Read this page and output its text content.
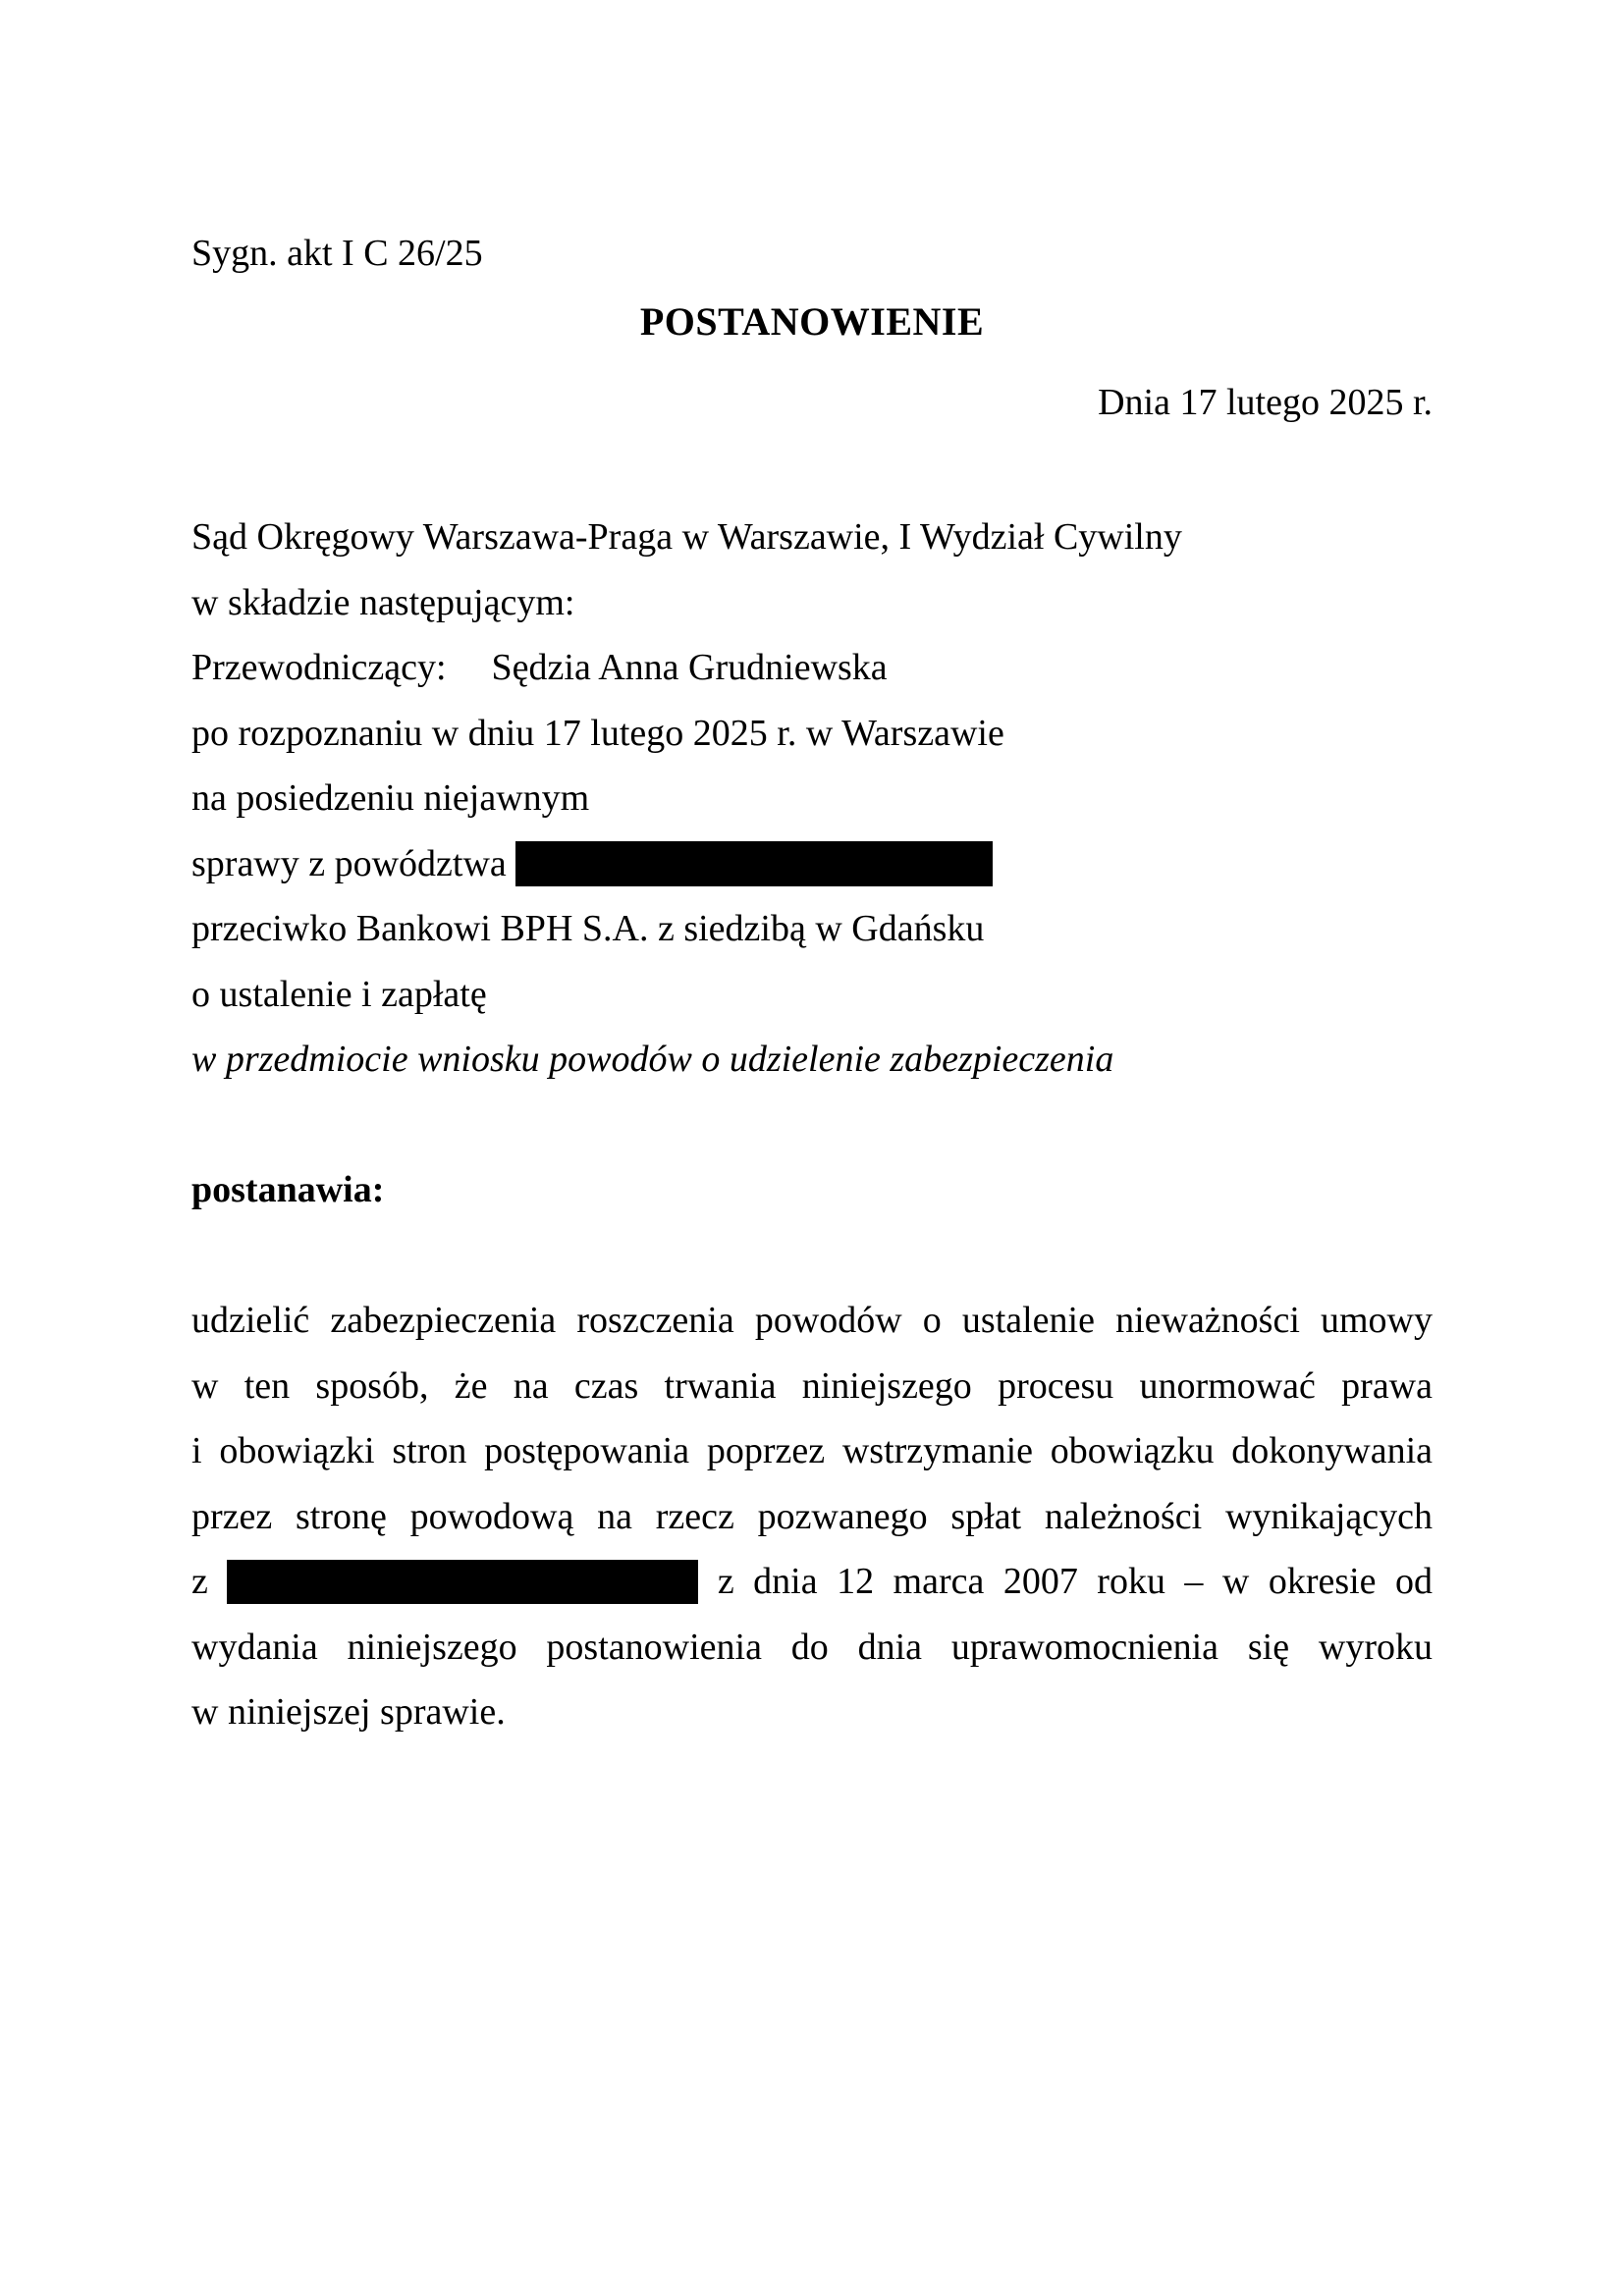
Sygn. akt I C 26/25
POSTANOWIENIE
Dnia 17 lutego 2025 r.
Sąd Okręgowy Warszawa-Praga w Warszawie, I Wydział Cywilny
w składzie następującym:
Przewodniczący: Sędzia Anna Grudniewska
po rozpoznaniu w dniu 17 lutego 2025 r. w Warszawie
na posiedzeniu niejawnym
sprawy z powództwa
przeciwko Bankowi BPH S.A. z siedzibą w Gdańsku
o ustalenie i zapłatę
w przedmiocie wniosku powodów o udzielenie zabezpieczenia
postanawia:
udzielić zabezpieczenia roszczenia powodów o ustalenie nieważności umowy
w ten sposób, że na czas trwania niniejszego procesu unormować prawa
i obowiązki stron postępowania poprzez wstrzymanie obowiązku dokonywania
przez stronę powodową na rzecz pozwanego spłat należności wynikających
z	z dnia 12 marca 2007 roku – w okresie od
wydania niniejszego postanowienia do dnia uprawomocnienia się wyroku
w niniejszej sprawie.
